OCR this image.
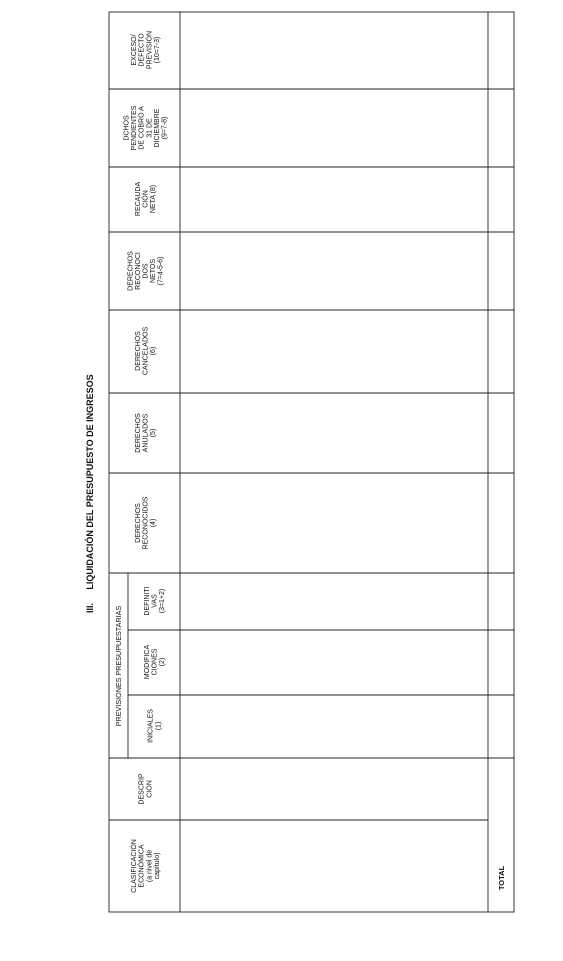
III.
LIQUIDACIÓN DEL PRESUPUESTO DE INGRESOS
CLASIFICACIÓN ECONÓMICA (a nivel de capítulo)
DESCRIP CIÓN
PREVISIONES PRESUPUESTARIAS	INICIALES (1)
MODIFICA CIONES (2)
DEFINITI VAS (3=1+2)
DERECHOS RECONOCIDOS (4)
DERECHOS ANULADOS (5)
DERECHOS CANCELADOS (6)
DERECHOS RECONOCI DOS NETOS (7=4-5-6)
RECAUDA CIÓN NETA (8)
DCHOS PENDIENTES DE COBRO A 31 DE DICIEMBRE (9=7-8)
EXCESO/ DEFECTO PREVISIÓN (10=7-3)
TOTAL
